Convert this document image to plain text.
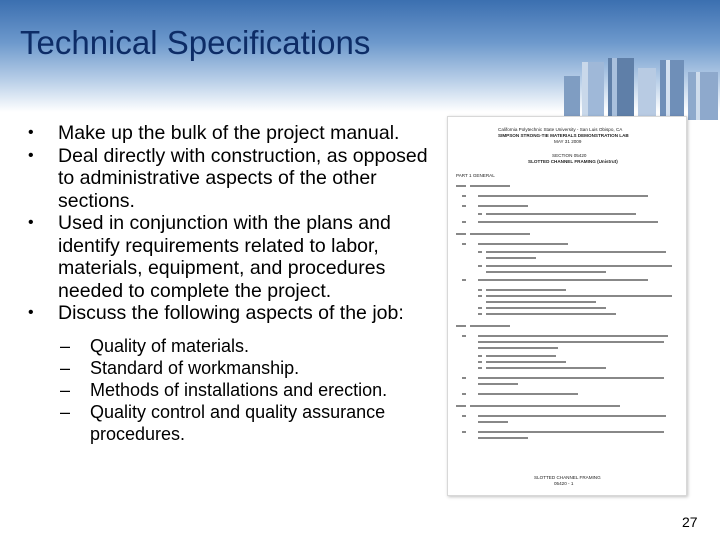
Technical Specifications
• Make up the bulk of the project manual.
• Deal directly with construction, as opposed to administrative aspects of the other sections.
• Used in conjunction with the plans and identify requirements related to labor, materials, equipment, and procedures needed to complete the project.
• Discuss the following aspects of the job:
– Quality of materials.
– Standard of workmanship.
– Methods of installations and erection.
– Quality control and quality assurance procedures.
California Polytechnic State University - San Luis Obispo, CA
SIMPSON STRONG-TIE MATERIALS DEMONSTRATION LAB
MAY 31 2009
SECTION 05420
SLOTTED CHANNEL FRAMING (Unistrut)
PART 1 GENERAL
SLOTTED CHANNEL FRAMING
05420 - 1
27
